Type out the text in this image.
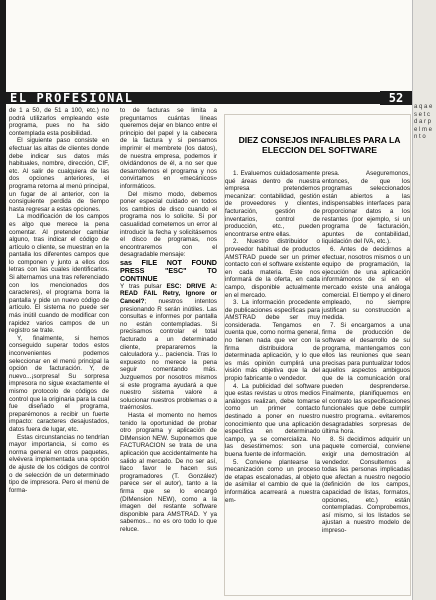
EL PROFESIONAL	52

de 1 a 50, de 51 a 100, etc.) no podrá utilizarlos empleando este programa, pues no ha sido contemplada esta posibilidad.

El siguiente paso consiste en efectuar las altas de clientes donde debe indicar sus datos más habituales, nombre, dirección, CIF, etc. Al salir de cualquiera de las dos opciones anteriores, el programa retorna al menú principal, un fugar de al anterior, con la consiguiente perdida de tiempo hasta regresar a estas opciones.

La modificación de los campos es algo que merece la pena comentar. Al pretender cambiar alguno, tras indicar el código de artículo o cliente, se muestran en la pantalla los diferentes campos que lo componen y junto a ellos dos letras con las cuales identificarlos. Si alternamos una tras referenciado con los mencionados dos caracteres), el programa borra la pantalla y pide un nuevo código de artículo. El sistema no puede ser más inútil cuando de modificar con rapidez varios campos de un registro se trate.

Y, finalmente, si hemos conseguido superar todos estos inconvenientes podemos seleccionar en el menú principal la opción de facturación. Y, de nuevo...¡sorpresa! Su sorpresa impresora no sigue exactamente el mismo protocolo de códigos de control que la originaria para la cual fue diseñado el programa, preparémonos a recibir un fuerte impacto: caracteres desajustados, datos fuera de lugar, etc.

Estas circunstancias no tendrían mayor importancia, si como es norma general en otros paquetes, elvévera implementada una opción de ajuste de los códigos de control o de selección de un determinado tipo de impresora. Pero el menú de forma-

to de facturas se limita a preguntarnos cuántas líneas queremos dejar en blanco entre el principio del papel y la cabecera de la factura y si pensamos imprimir el membrete (los datos), de nuestra empresa, podemos ir olvidándonos de él, a no ser que desarrollemos el programa y nos convirtamos en «mecánicos» informáticos.

Del mismo modo, debemos poner especial cuidado en todos los cambios de disco cuando el programa nos lo solicite. Si por casualidad cometemos un error al introducir la fecha y solicitásemos el disco de programas, nos encontraremos con el desagradable mensaje:

sas FILE NOT FOUND PRESS "ESC" TO CONTINUE

Y tras pulsar ESC: DRIVE A: READ FAIL Retry, Ignore or Cancel?; nuestros intentos presionando R serán inútiles. Las consultas e informes por pantalla no están contempladas. Si precisamos controlar el total facturado a un determinado cliente, prepararemos la calculadora y... paciencia. Tras lo expuesto no merece la pena seguir comentando más. Juzguemos por nosotros mismos si este programa ayudará a que nuestro sistema valore a solucionar nuestros problemas o a traérnoslos.

Hasta el momento no hemos tenido la oportunidad de probar otro programa y aplicación de DIMension NEW. Suponemos que FACTURACION se trata de una aplicación que accidentalmente ha salido al mercado. De no ser así, llaco favor le hacen sus programadores (T. González) parece ser el autor), tanto a la firma que se lo encargó (DIMension NEW), como a la imagen del restante software disponible para AMSTRAD. Y ya sabemos... no es oro todo lo que reluce.

DIEZ CONSEJOS INFALIBLES PARA LA ELECCION DEL SOFTWARE

1. Evaluemos cuidadosamente qué áreas dentro de nuestra empresa pretendemos mecanizar: contabilidad, gestión de proveedores y clientes, facturación, gestión de inventarios, control de producción, etc., pueden encontrarse entre ellas.

2. Nuestro distribuidor o proveedor habitual de productos AMSTRAD puede ser un primer contacto con el software existente en cada materia. Este nos informará de la oferta, en cada campo, disponible actualmente en el mercado.

3. La información procedente de publicaciones especificas para AMSTRAD debe ser muy considerada. Tengamos en cuenta que, como norma general, no tienen nada que ver con la firma distribuidora de determinada aplicación, y lo que es más opinión cumplirá una visión más objetiva que la del propio fabricante o vendedor.

4. La publicidad del software que estas revistas u otros medios análogos realizan, debe tomarse como un primer contacto destinado a poner en nuestro conocimiento que una aplicación específica en determinado campo, ya se comercializa. No las desestimemos: son una buena fuente de información.

5. Conviene plantearse la mecanización como un proceso de etapas escalonadas, al objeto de asimilar el cambio de que la informática acarreará a nuestra em-

presa. Aseguremonos, entonces, de que los programas seleccionados están abiertos a las indispensables interfaces para proporcionar datos a los restantes (por ejemplo, si un programa de facturación, apuntes de contabilidad, liquidación del IVA, etc.).

6. Antes de decidirnos a efectuar, nosotros mismos o un equipo de programación, la ejecución de una aplicación informámonos de si en el mercado existe una análoga comercial. El tiempo y el dinero empleado, no siempre justifican su construcción a medida.

7. Si encargamos a una firma de producción de software el desarrollo de su programa, mantengamos con ellos las reuniones que sean precisas para puntualizar todos aquellos aspectos ambiguos que de la comunicación oral pueden desprenderse. Finalmente, planifiquemos en el contrato las especificaciones funcionales que debe cumplir nuestro programa.. evitaremos desagradables sorpresas de última hora.

8. Si decidimos adquirir un paquete comercial, conviene exigir una demostración al vendedor. Consultemos a todas las personas implicadas que afectan a nuestro negocio (definición de los campos, capacidad de listas, formatos, opciones, etc.) están contempladas. Comprobemos, así mismo, si los listados se ajustan a nuestro modelo de impreso-

a q a e s e t c d a r p e l m e n t o
